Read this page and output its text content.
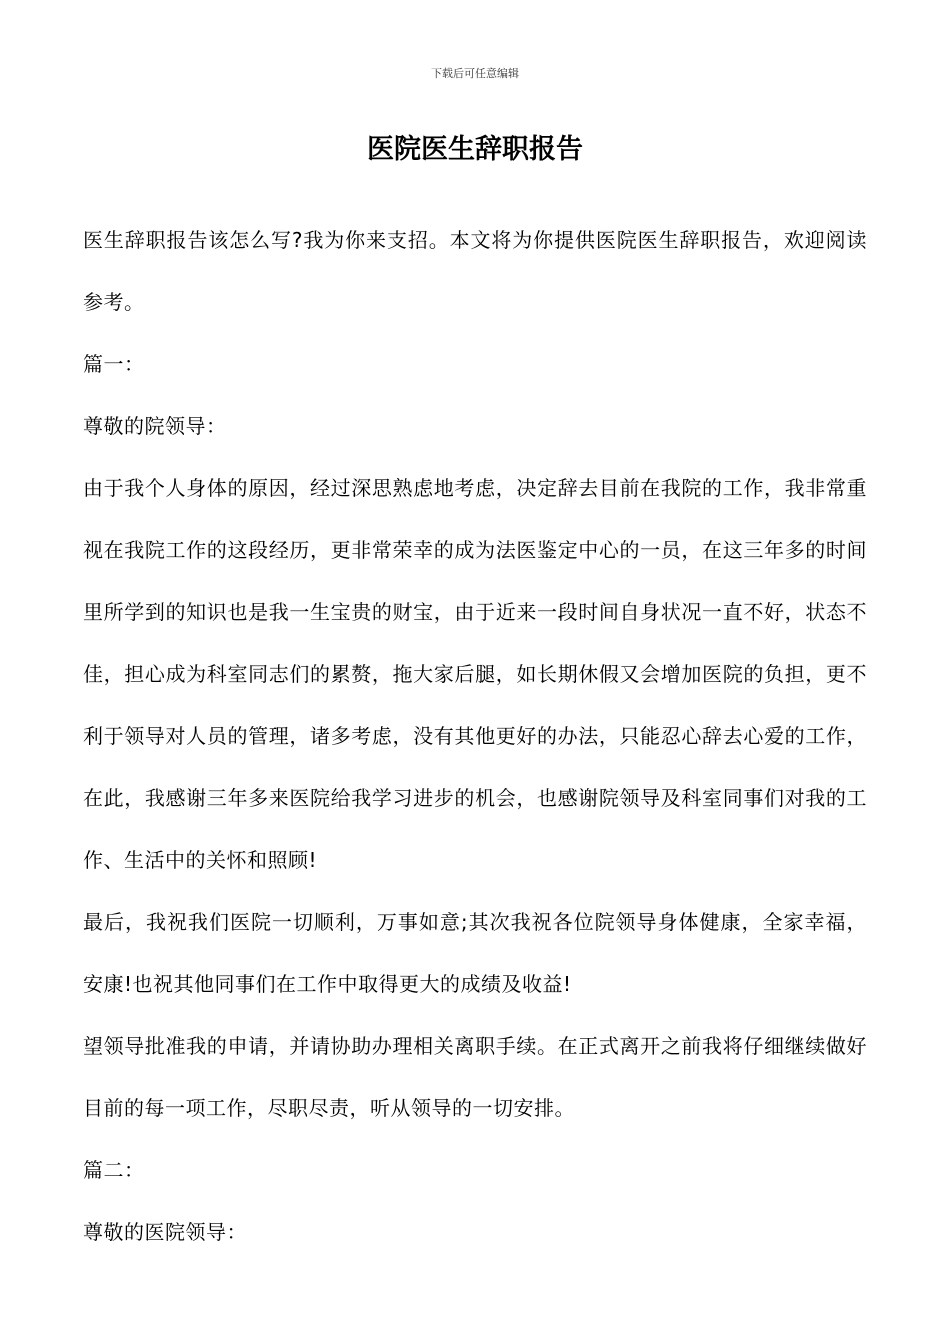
下载后可任意编辑
医院医生辞职报告

医生辞职报告该怎么写?我为你来支招。本文将为你提供医院医生辞职报告，欢迎阅读参考。

篇一：

尊敬的院领导：

由于我个人身体的原因，经过深思熟虑地考虑，决定辞去目前在我院的工作，我非常重视在我院工作的这段经历，更非常荣幸的成为法医鉴定中心的一员，在这三年多的时间里所学到的知识也是我一生宝贵的财宝，由于近来一段时间自身状况一直不好，状态不佳，担心成为科室同志们的累赘，拖大家后腿，如长期休假又会增加医院的负担，更不利于领导对人员的管理，诸多考虑，没有其他更好的办法，只能忍心辞去心爱的工作，在此，我感谢三年多来医院给我学习进步的机会，也感谢院领导及科室同事们对我的工作、生活中的关怀和照顾!

最后，我祝我们医院一切顺利，万事如意;其次我祝各位院领导身体健康，全家幸福，安康!也祝其他同事们在工作中取得更大的成绩及收益!

望领导批准我的申请，并请协助办理相关离职手续。在正式离开之前我将仔细继续做好目前的每一项工作，尽职尽责，听从领导的一切安排。

篇二：

尊敬的医院领导：
